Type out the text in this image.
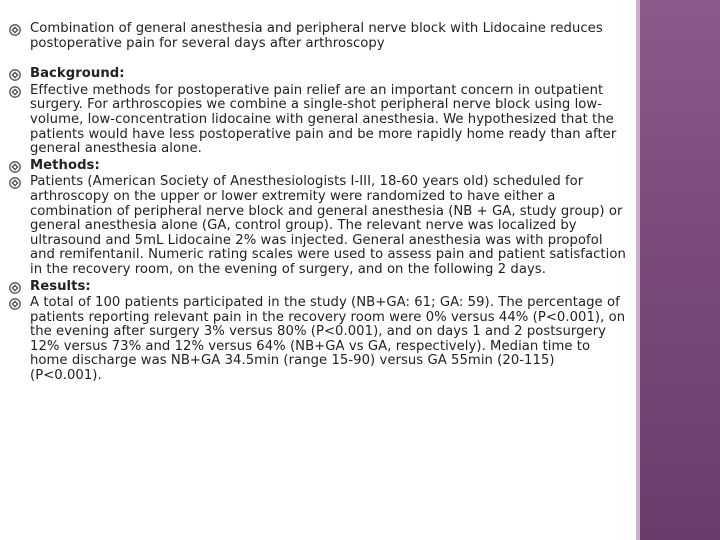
Combination of general anesthesia and peripheral nerve block with Lidocaine reduces postoperative pain for several days after arthroscopy
Background:
Effective methods for postoperative pain relief are an important concern in outpatient surgery. For arthroscopies we combine a single-shot peripheral nerve block using low-volume, low-concentration lidocaine with general anesthesia. We hypothesized that the patients would have less postoperative pain and be more rapidly home ready than after general anesthesia alone.
Methods:
Patients (American Society of Anesthesiologists I-III, 18-60 years old) scheduled for arthroscopy on the upper or lower extremity were randomized to have either a combination of peripheral nerve block and general anesthesia (NB + GA, study group) or general anesthesia alone (GA, control group). The relevant nerve was localized by ultrasound and 5mL Lidocaine 2% was injected. General anesthesia was with propofol and remifentanil. Numeric rating scales were used to assess pain and patient satisfaction in the recovery room, on the evening of surgery, and on the following 2 days.
Results:
A total of 100 patients participated in the study (NB+GA: 61; GA: 59). The percentage of patients reporting relevant pain in the recovery room were 0% versus 44% (P<0.001), on the evening after surgery 3% versus 80% (P<0.001), and on days 1 and 2 postsurgery 12% versus 73% and 12% versus 64% (NB+GA vs GA, respectively). Median time to home discharge was NB+GA 34.5min (range 15-90) versus GA 55min (20-115) (P<0.001).
